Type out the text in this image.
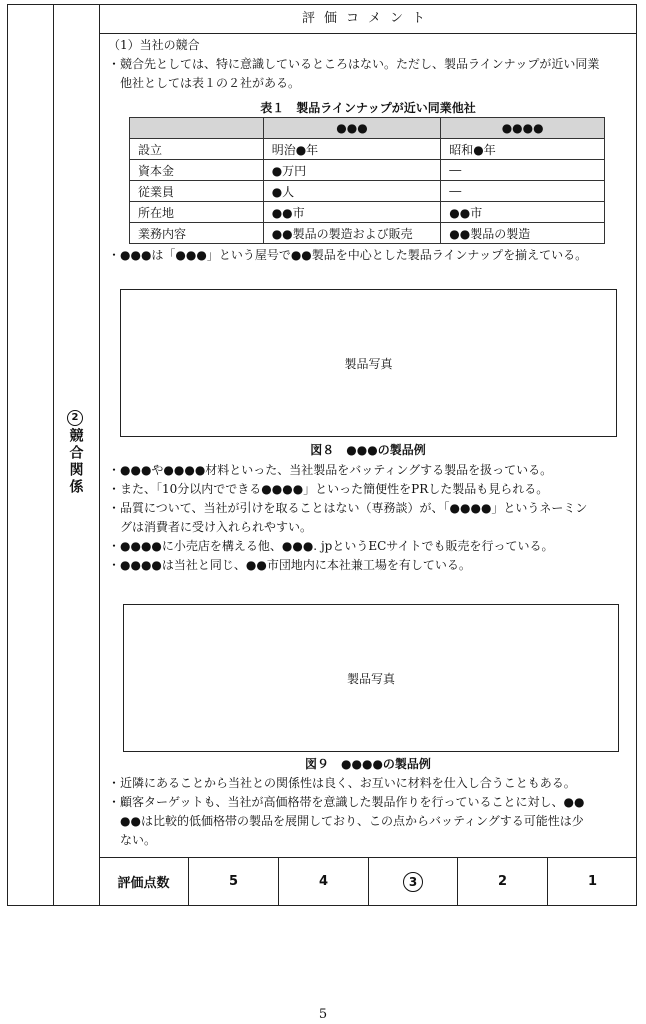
評価コメント
2
競合関係

（1）当社の競合

・ 競合先としては、特に意識しているところはない。ただし、製品ラインナップが近い同業
他社としては表１の２社がある。
表１　製品ラインナップが近い同業他社
	●●●	●●●●
設立	明治●年	昭和●年
資本金	●万円	―
従業員	●人	―
所在地	●●市	●●市
業務内容	●●製品の製造および販売	●●製品の製造
・ ●●●は「●●●」という屋号で●●製品を中心とした製品ラインナップを揃えている。
製品写真
図８　●●●の製品例
・ ●●●や●●●●材料といった、当社製品をバッティングする製品を扱っている。
・ また、「10分以内でできる●●●●」といった簡便性をPRした製品も見られる。
・ 品質について、当社が引けを取ることはない（専務談）が、「●●●●」というネーミン
グは消費者に受け入れられやすい。
・ ●●●●に小売店を構える他、●●●. jpというECサイトでも販売を行っている。
・ ●●●●は当社と同じ、●●市団地内に本社兼工場を有している。
製品写真
図９　●●●●の製品例
・ 近隣にあることから当社との関係性は良く、お互いに材料を仕入し合うこともある。
・ 顧客ターゲットも、当社が高価格帯を意識した製品作りを行っていることに対し、●●
●●は比較的低価格帯の製品を展開しており、この点からバッティングする可能性は少
ない。
評価点数	5	4	3	2	1
5
